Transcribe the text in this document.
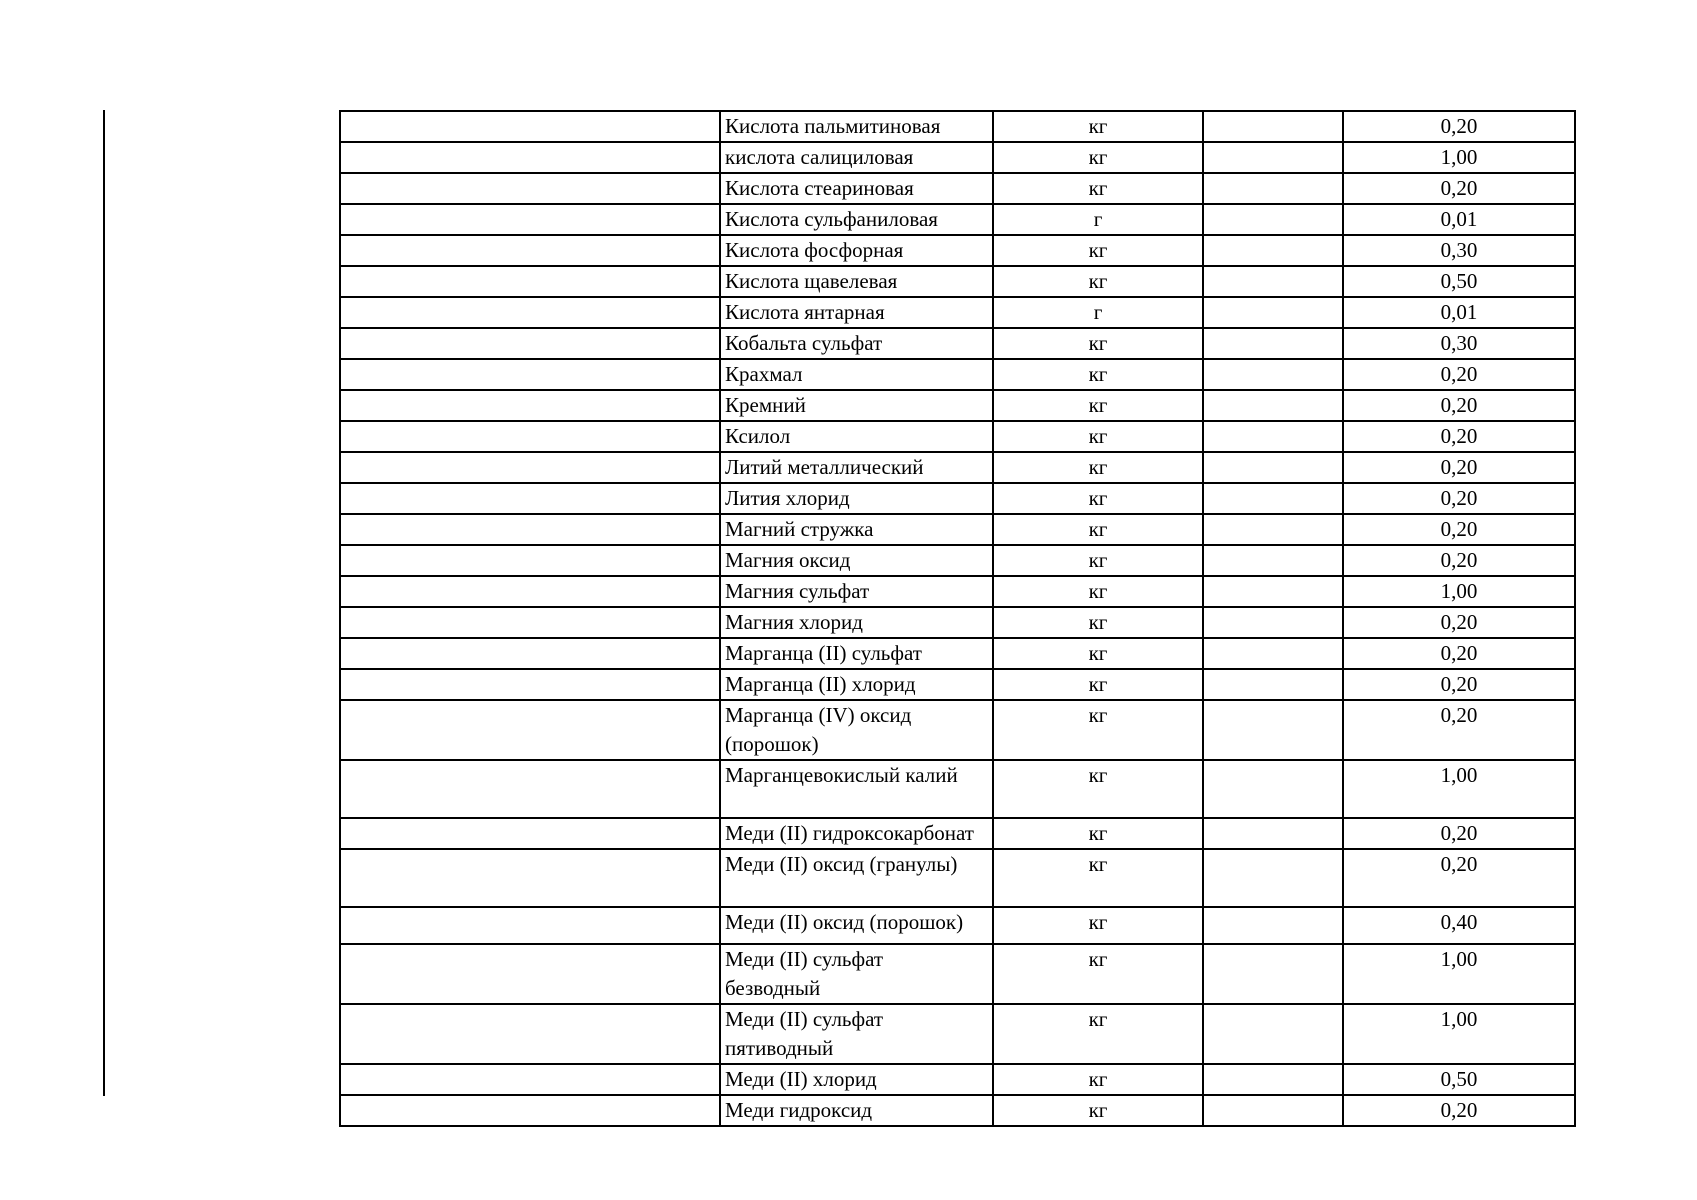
	Кислота пальмитиновая	кг		0,20
	кислота салициловая	кг		1,00
	Кислота стеариновая	кг		0,20
	Кислота сульфаниловая	г		0,01
	Кислота фосфорная	кг		0,30
	Кислота щавелевая	кг		0,50
	Кислота янтарная	г		0,01
	Кобальта сульфат	кг		0,30
	Крахмал	кг		0,20
	Кремний	кг		0,20
	Ксилол	кг		0,20
	Литий металлический	кг		0,20
	Лития хлорид	кг		0,20
	Магний стружка	кг		0,20
	Магния оксид	кг		0,20
	Магния сульфат	кг		1,00
	Магния хлорид	кг		0,20
	Марганца (II) сульфат	кг		0,20
	Марганца (II) хлорид	кг		0,20
	Марганца (IV) оксид
(порошок)	кг		0,20
	Марганцевокислый калий	кг		1,00
	Меди (II) гидроксокарбонат	кг		0,20
	Меди (II) оксид (гранулы)	кг		0,20
	Меди (II) оксид (порошок)	кг		0,40
	Меди (II) сульфат
безводный	кг		1,00
	Меди (II) сульфат
пятиводный	кг		1,00
	Меди (II) хлорид	кг		0,50
	Меди гидроксид	кг		0,20
